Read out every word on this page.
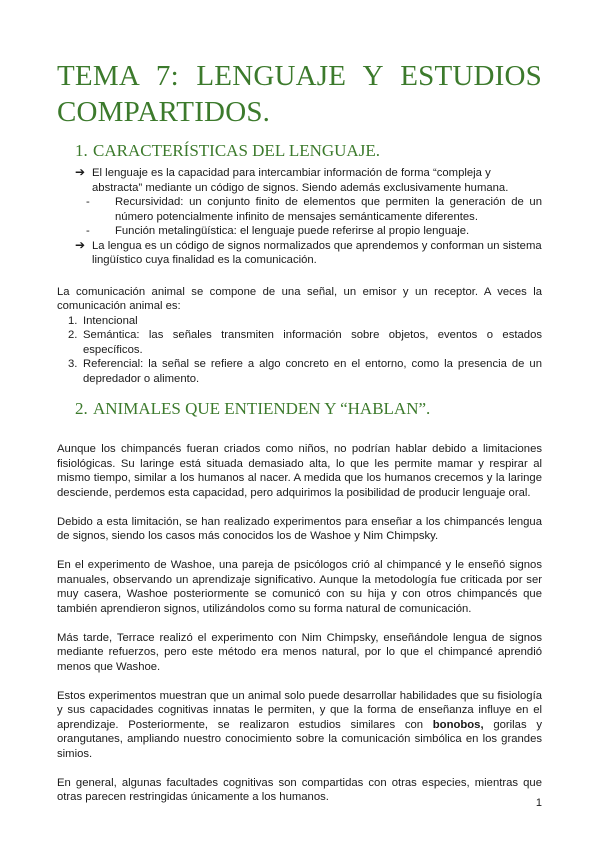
TEMA 7: LENGUAJE Y ESTUDIOS
COMPARTIDOS.
1. CARACTERÍSTICAS DEL LENGUAJE.
➔ El lenguaje es la capacidad para intercambiar información de forma “compleja y abstracta” mediante un código de signos. Siendo además exclusivamente humana.
- Recursividad: un conjunto finito de elementos que permiten la generación de un número potencialmente infinito de mensajes semánticamente diferentes.
- Función metalingüística: el lenguaje puede referirse al propio lenguaje.
➔ La lengua es un código de signos normalizados que aprendemos y conforman un sistema lingüístico cuya finalidad es la comunicación.

La comunicación animal se compone de una señal, un emisor y un receptor. A veces la comunicación animal es:

1. Intencional
2. Semántica: las señales transmiten información sobre objetos, eventos o estados específicos.
3. Referencial: la señal se refiere a algo concreto en el entorno, como la presencia de un depredador o alimento.
2. ANIMALES QUE ENTIENDEN Y “HABLAN”.

Aunque los chimpancés fueran criados como niños, no podrían hablar debido a limitaciones fisiológicas. Su laringe está situada demasiado alta, lo que les permite mamar y respirar al mismo tiempo, similar a los humanos al nacer. A medida que los humanos crecemos y la laringe desciende, perdemos esta capacidad, pero adquirimos la posibilidad de producir lenguaje oral.

Debido a esta limitación, se han realizado experimentos para enseñar a los chimpancés lengua de signos, siendo los casos más conocidos los de Washoe y Nim Chimpsky.

En el experimento de Washoe, una pareja de psicólogos crió al chimpancé y le enseñó signos manuales, observando un aprendizaje significativo. Aunque la metodología fue criticada por ser muy casera, Washoe posteriormente se comunicó con su hija y con otros chimpancés que también aprendieron signos, utilizándolos como su forma natural de comunicación.

Más tarde, Terrace realizó el experimento con Nim Chimpsky, enseñándole lengua de signos mediante refuerzos, pero este método era menos natural, por lo que el chimpancé aprendió menos que Washoe.

Estos experimentos muestran que un animal solo puede desarrollar habilidades que su fisiología y sus capacidades cognitivas innatas le permiten, y que la forma de enseñanza influye en el aprendizaje. Posteriormente, se realizaron estudios similares con bonobos, gorilas y orangutanes, ampliando nuestro conocimiento sobre la comunicación simbólica en los grandes simios.

En general, algunas facultades cognitivas son compartidas con otras especies, mientras que otras parecen restringidas únicamente a los humanos.	1
